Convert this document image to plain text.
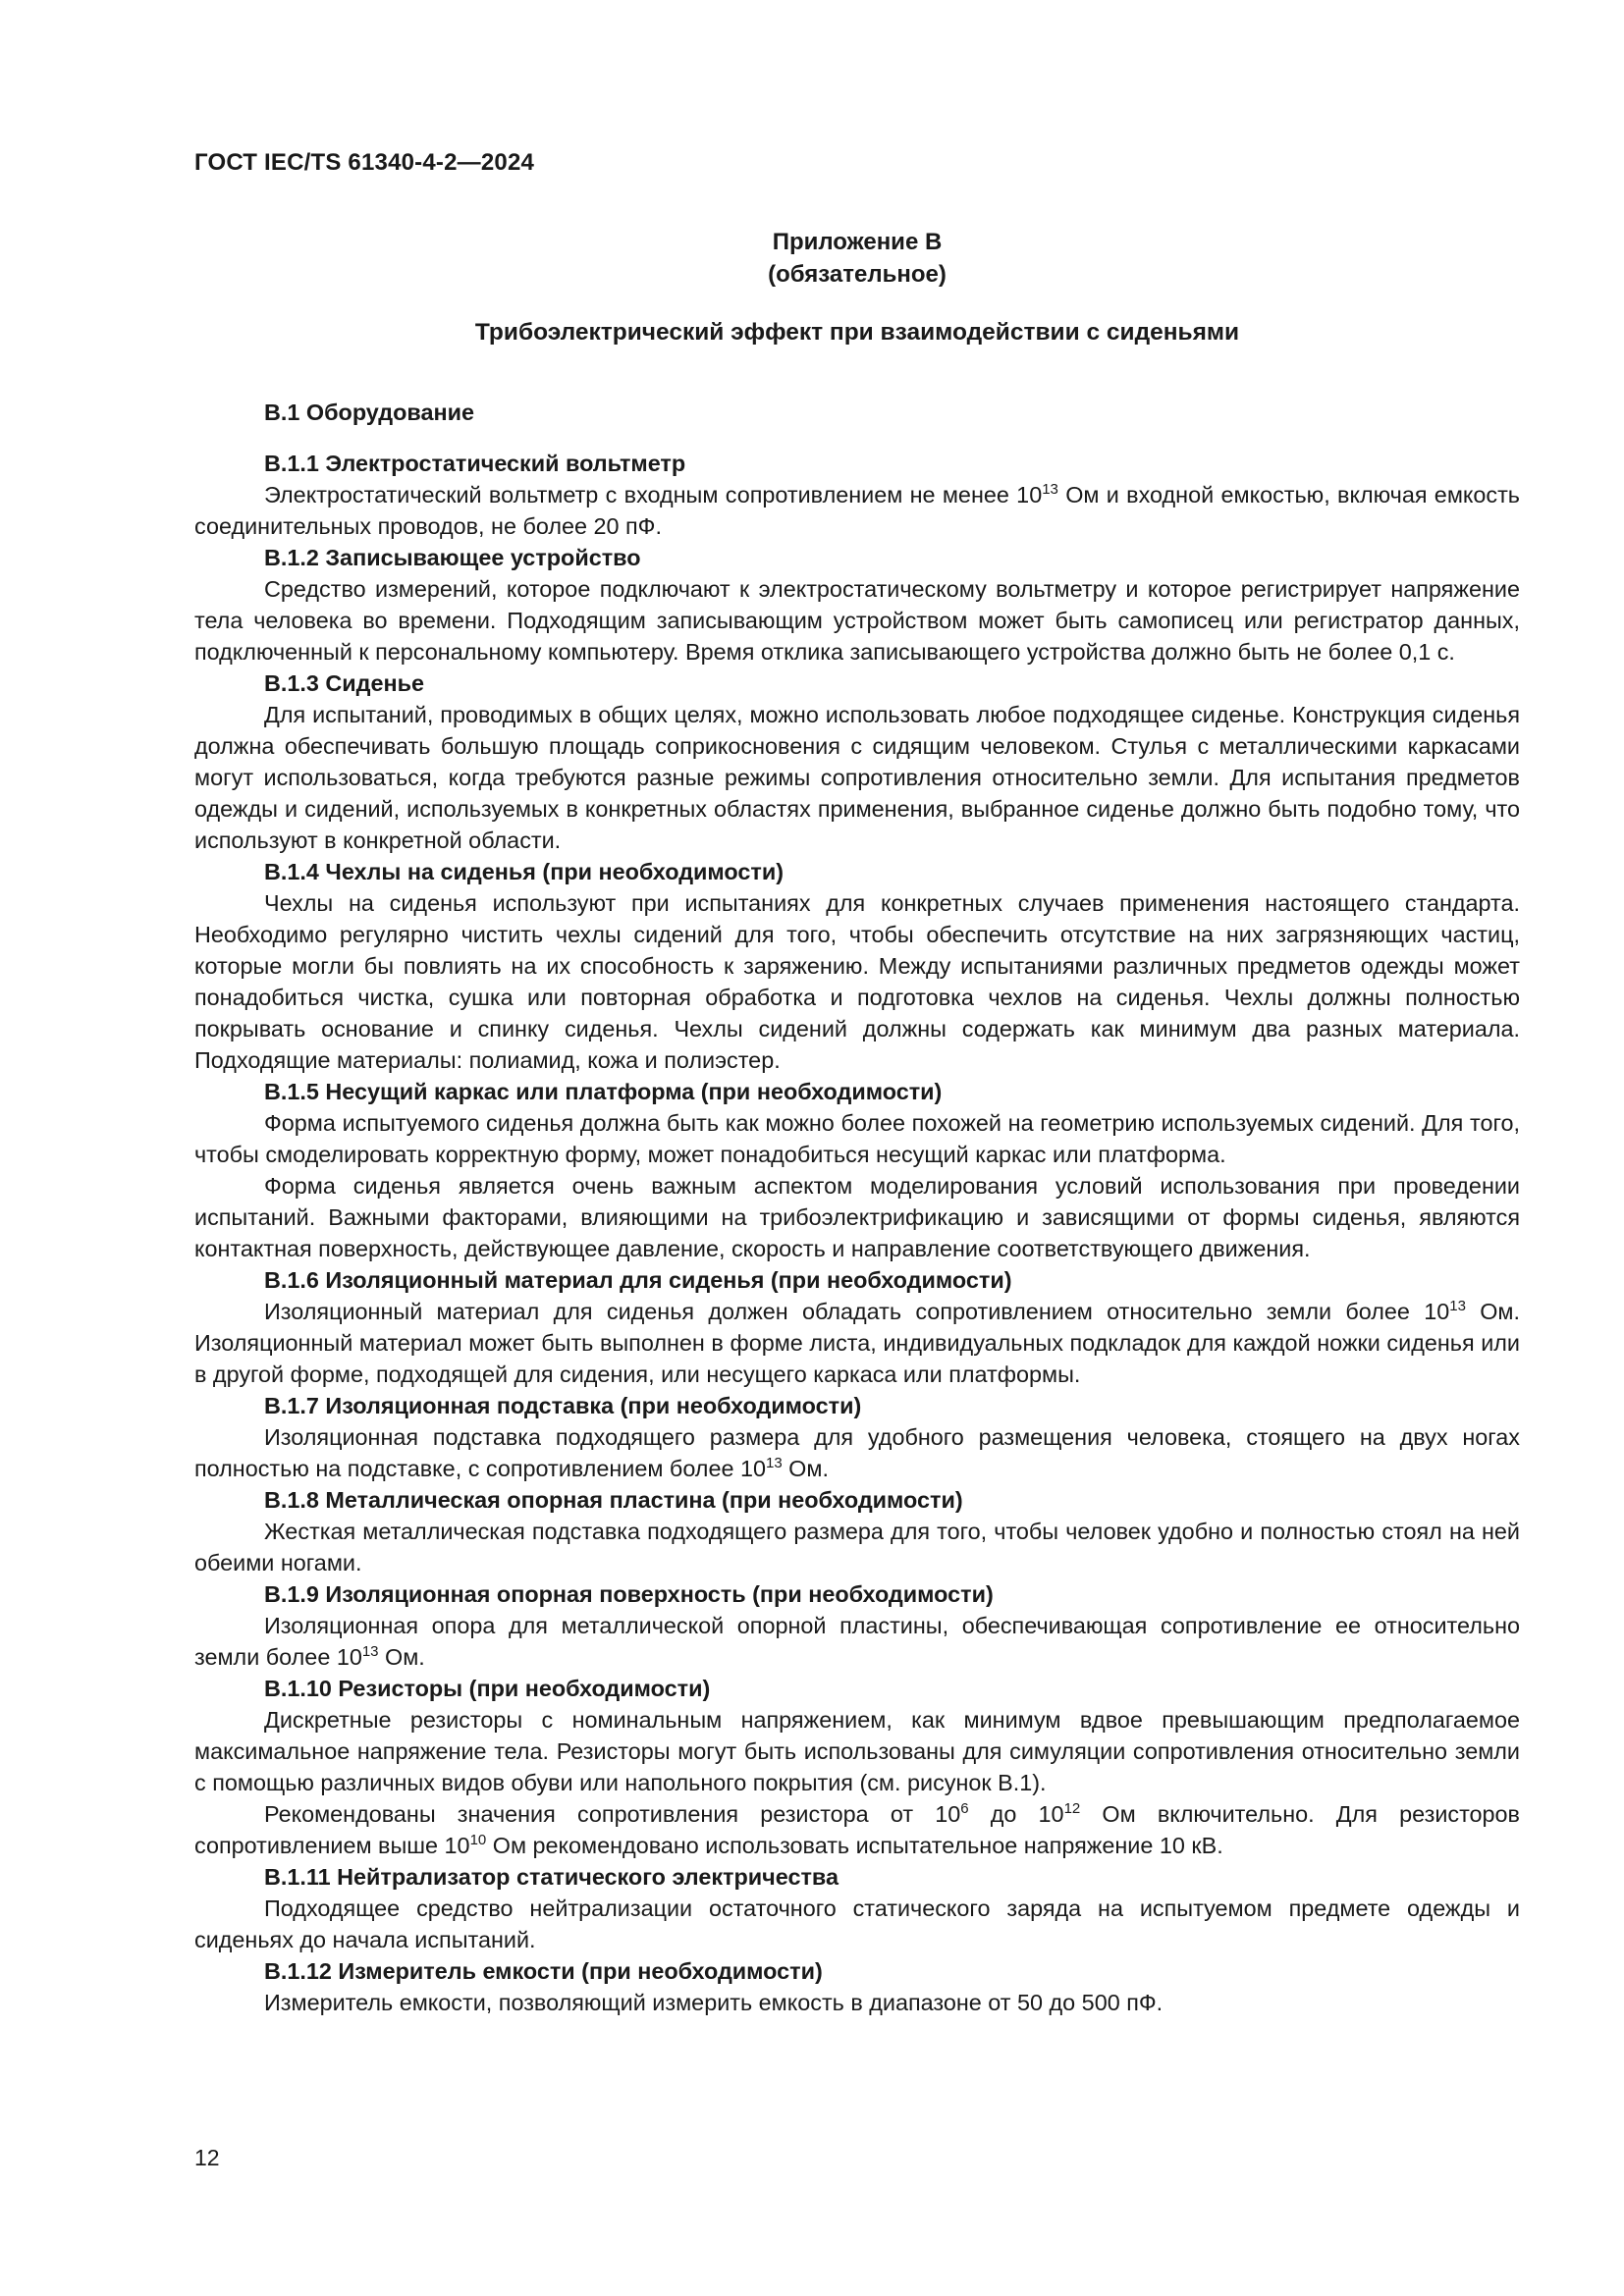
ГОСТ IEC/TS 61340-4-2—2024
Приложение В
(обязательное)
Трибоэлектрический эффект при взаимодействии с сиденьями
В.1 Оборудование
В.1.1 Электростатический вольтметр

Электростатический вольтметр с входным сопротивлением не менее $10^{13}$ Ом и входной емкостью, включая емкость соединительных проводов, не более 20 пФ.

В.1.2 Записывающее устройство

Средство измерений, которое подключают к электростатическому вольтметру и которое регистрирует напряжение тела человека во времени. Подходящим записывающим устройством может быть самописец или регистратор данных, подключенный к персональному компьютеру. Время отклика записывающего устройства должно быть не более 0,1 с.

В.1.3 Сиденье

Для испытаний, проводимых в общих целях, можно использовать любое подходящее сиденье. Конструкция сиденья должна обеспечивать большую площадь соприкосновения с сидящим человеком. Стулья с металлическими каркасами могут использоваться, когда требуются разные режимы сопротивления относительно земли. Для испытания предметов одежды и сидений, используемых в конкретных областях применения, выбранное сиденье должно быть подобно тому, что используют в конкретной области.

В.1.4 Чехлы на сиденья (при необходимости)

Чехлы на сиденья используют при испытаниях для конкретных случаев применения настоящего стандарта. Необходимо регулярно чистить чехлы сидений для того, чтобы обеспечить отсутствие на них загрязняющих частиц, которые могли бы повлиять на их способность к заряжению. Между испытаниями различных предметов одежды может понадобиться чистка, сушка или повторная обработка и подготовка чехлов на сиденья. Чехлы должны полностью покрывать основание и спинку сиденья. Чехлы сидений должны содержать как минимум два разных материала. Подходящие материалы: полиамид, кожа и полиэстер.

В.1.5 Несущий каркас или платформа (при необходимости)

Форма испытуемого сиденья должна быть как можно более похожей на геометрию используемых сидений. Для того, чтобы смоделировать корректную форму, может понадобиться несущий каркас или платформа.

Форма сиденья является очень важным аспектом моделирования условий использования при проведении испытаний. Важными факторами, влияющими на трибоэлектрификацию и зависящими от формы сиденья, являются контактная поверхность, действующее давление, скорость и направление соответствующего движения.

В.1.6 Изоляционный материал для сиденья (при необходимости)

Изоляционный материал для сиденья должен обладать сопротивлением относительно земли более $10^{13}$ Ом. Изоляционный материал может быть выполнен в форме листа, индивидуальных подкладок для каждой ножки сиденья или в другой форме, подходящей для сидения, или несущего каркаса или платформы.

В.1.7 Изоляционная подставка (при необходимости)

Изоляционная подставка подходящего размера для удобного размещения человека, стоящего на двух ногах полностью на подставке, с сопротивлением более $10^{13}$ Ом.

В.1.8 Металлическая опорная пластина (при необходимости)

Жесткая металлическая подставка подходящего размера для того, чтобы человек удобно и полностью стоял на ней обеими ногами.

В.1.9 Изоляционная опорная поверхность (при необходимости)

Изоляционная опора для металлической опорной пластины, обеспечивающая сопротивление ее относительно земли более $10^{13}$ Ом.

В.1.10 Резисторы (при необходимости)

Дискретные резисторы с номинальным напряжением, как минимум вдвое превышающим предполагаемое максимальное напряжение тела. Резисторы могут быть использованы для симуляции сопротивления относительно земли с помощью различных видов обуви или напольного покрытия (см. рисунок В.1).

Рекомендованы значения сопротивления резистора от $10^6$ до $10^{12}$ Ом включительно. Для резисторов сопротивлением выше $10^{10}$ Ом рекомендовано использовать испытательное напряжение 10 кВ.

В.1.11 Нейтрализатор статического электричества

Подходящее средство нейтрализации остаточного статического заряда на испытуемом предмете одежды и сиденьях до начала испытаний.

В.1.12 Измеритель емкости (при необходимости)

Измеритель емкости, позволяющий измерить емкость в диапазоне от 50 до 500 пФ.

12
